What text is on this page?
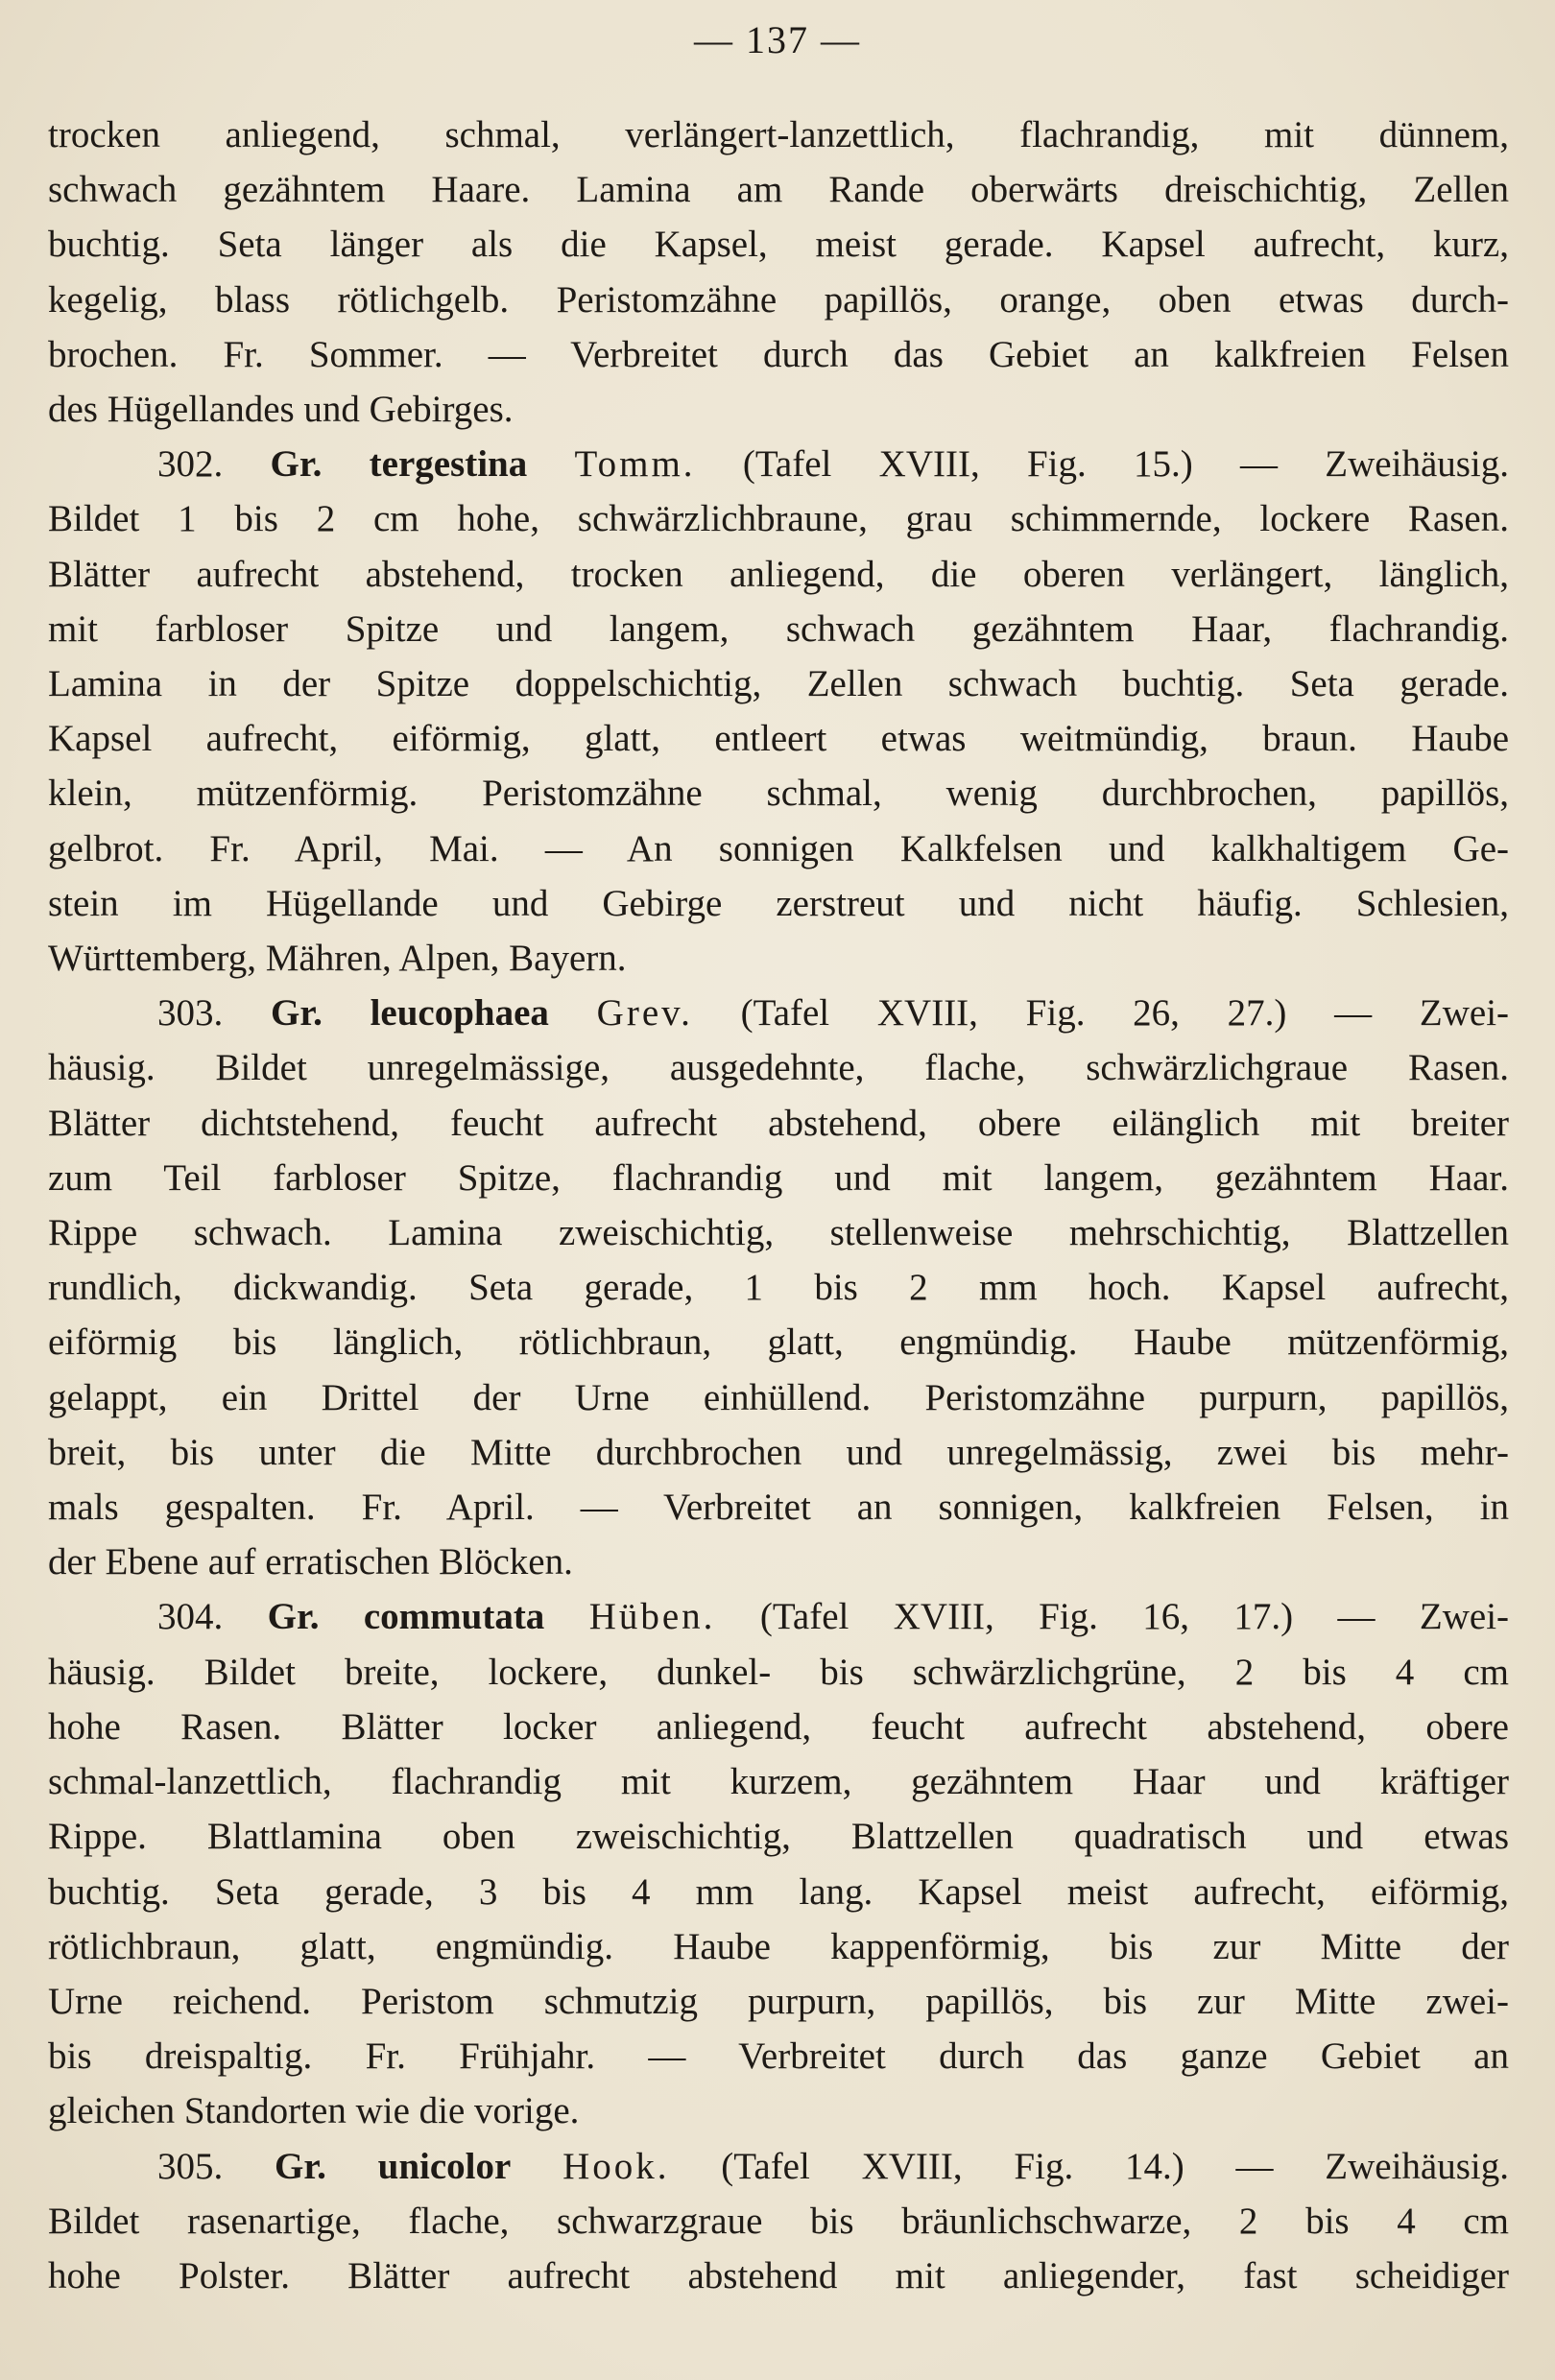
— 137 —
trocken anliegend, schmal, verlängert-lanzettlich, flachrandig, mit dünnem,
schwach gezähntem Haare. Lamina am Rande oberwärts dreischichtig, Zellen
buchtig. Seta länger als die Kapsel, meist gerade. Kapsel aufrecht, kurz,
kegelig, blass rötlichgelb. Peristomzähne papillös, orange, oben etwas durch-
brochen. Fr. Sommer. — Verbreitet durch das Gebiet an kalkfreien Felsen
des Hügellandes und Gebirges.
302. Gr. tergestina Tomm. (Tafel XVIII, Fig. 15.) — Zweihäusig.
Bildet 1 bis 2 cm hohe, schwärzlichbraune, grau schimmernde, lockere Rasen.
Blätter aufrecht abstehend, trocken anliegend, die oberen verlängert, länglich,
mit farbloser Spitze und langem, schwach gezähntem Haar, flachrandig.
Lamina in der Spitze doppelschichtig, Zellen schwach buchtig. Seta gerade.
Kapsel aufrecht, eiförmig, glatt, entleert etwas weitmündig, braun. Haube
klein, mützenförmig. Peristomzähne schmal, wenig durchbrochen, papillös,
gelbrot. Fr. April, Mai. — An sonnigen Kalkfelsen und kalkhaltigem Ge-
stein im Hügellande und Gebirge zerstreut und nicht häufig. Schlesien,
Württemberg, Mähren, Alpen, Bayern.
303. Gr. leucophaea Grev. (Tafel XVIII, Fig. 26, 27.) — Zwei-
häusig. Bildet unregelmässige, ausgedehnte, flache, schwärzlichgraue Rasen.
Blätter dichtstehend, feucht aufrecht abstehend, obere eilänglich mit breiter
zum Teil farbloser Spitze, flachrandig und mit langem, gezähntem Haar.
Rippe schwach. Lamina zweischichtig, stellenweise mehrschichtig, Blattzellen
rundlich, dickwandig. Seta gerade, 1 bis 2 mm hoch. Kapsel aufrecht,
eiförmig bis länglich, rötlichbraun, glatt, engmündig. Haube mützenförmig,
gelappt, ein Drittel der Urne einhüllend. Peristomzähne purpurn, papillös,
breit, bis unter die Mitte durchbrochen und unregelmässig, zwei bis mehr-
mals gespalten. Fr. April. — Verbreitet an sonnigen, kalkfreien Felsen, in
der Ebene auf erratischen Blöcken.
304. Gr. commutata Hüben. (Tafel XVIII, Fig. 16, 17.) — Zwei-
häusig. Bildet breite, lockere, dunkel- bis schwärzlichgrüne, 2 bis 4 cm
hohe Rasen. Blätter locker anliegend, feucht aufrecht abstehend, obere
schmal-lanzettlich, flachrandig mit kurzem, gezähntem Haar und kräftiger
Rippe. Blattlamina oben zweischichtig, Blattzellen quadratisch und etwas
buchtig. Seta gerade, 3 bis 4 mm lang. Kapsel meist aufrecht, eiförmig,
rötlichbraun, glatt, engmündig. Haube kappenförmig, bis zur Mitte der
Urne reichend. Peristom schmutzig purpurn, papillös, bis zur Mitte zwei-
bis dreispaltig. Fr. Frühjahr. — Verbreitet durch das ganze Gebiet an
gleichen Standorten wie die vorige.
305. Gr. unicolor Hook. (Tafel XVIII, Fig. 14.) — Zweihäusig.
Bildet rasenartige, flache, schwarzgraue bis bräunlichschwarze, 2 bis 4 cm
hohe Polster. Blätter aufrecht abstehend mit anliegender, fast scheidiger
